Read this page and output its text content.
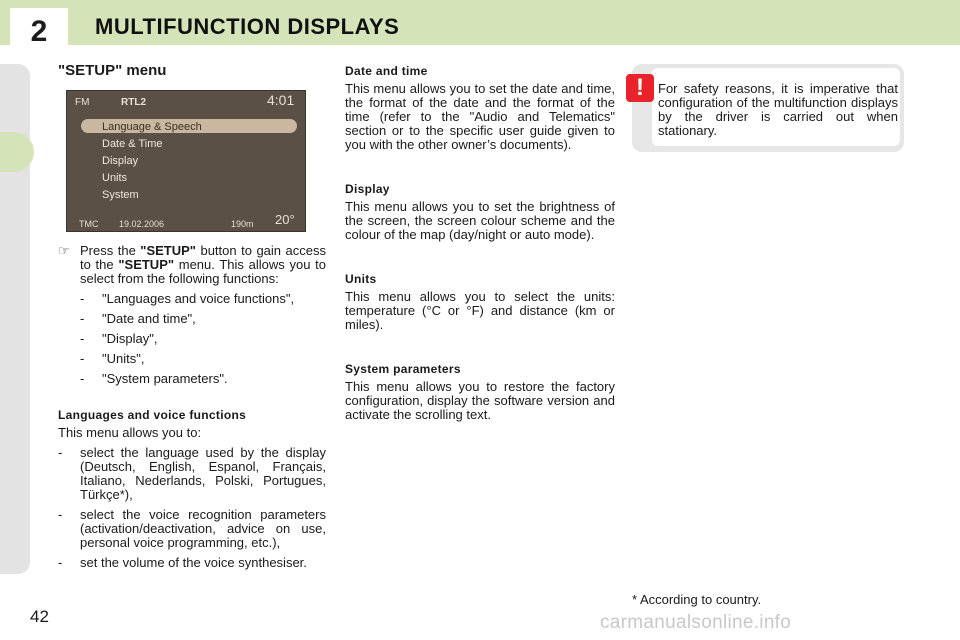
2	MULTIFUNCTION DISPLAYS
"SETUP" menu
FM	RTL2	4:01
Language & Speech
Date & Time
Display
Units
System
TMC 19.02.2006	190m 20°
☞ Press the "SETUP" button to gain access to the "SETUP" menu. This allows you to select from the following functions:

-	"Languages and voice functions",
-	"Date and time",
-	"Display",
-	"Units",
-	"System parameters".
Languages and voice functions

This menu allows you to:

-	select the language used by the display (Deutsch, English, Espanol, Français, Italiano, Nederlands, Polski, Portugues, Türkçe*),
-	select the voice recognition parameters (activation/deactivation, advice on use, personal voice programming, etc.),
-	set the volume of the voice synthesiser.
Date and time

This menu allows you to set the date and time, the format of the date and the format of the time (refer to the "Audio and Telematics" section or to the specific user guide given to you with the other owner’s documents).

Display

This menu allows you to set the brightness of the screen, the screen colour scheme and the colour of the map (day/night or auto mode).

Units

This menu allows you to select the units: temperature (°C or °F) and distance (km or miles).

System parameters

This menu allows you to restore the factory configuration, display the software version and activate the scrolling text.

!	For safety reasons, it is imperative that configuration of the multifunction displays by the driver is carried out when stationary.
* According to country.
42	carmanualsonline.info
